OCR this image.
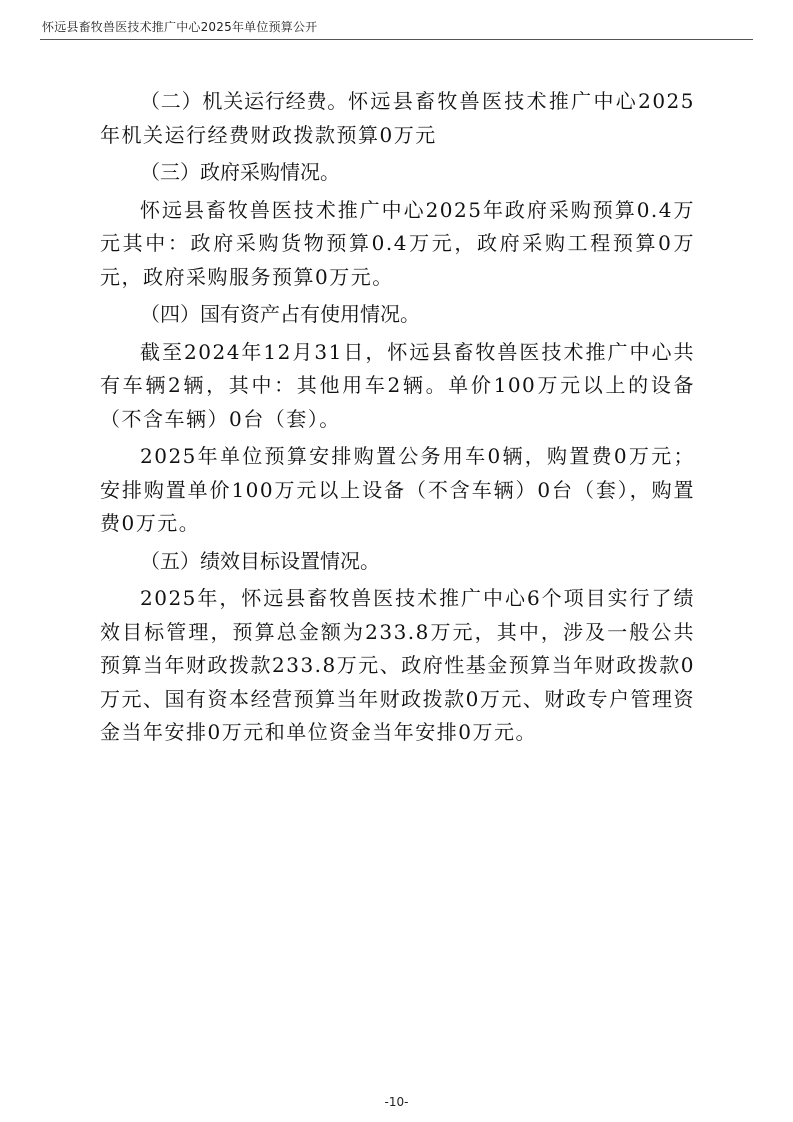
怀远县畜牧兽医技术推广中心2025年单位预算公开

（二）机关运行经费。怀远县畜牧兽医技术推广中心2025年机关运行经费财政拨款预算0万元

（三）政府采购情况。

怀远县畜牧兽医技术推广中心2025年政府采购预算0.4万元其中：政府采购货物预算0.4万元，政府采购工程预算0万元，政府采购服务预算0万元。

（四）国有资产占有使用情况。

截至2024年12月31日，怀远县畜牧兽医技术推广中心共有车辆2辆，其中：其他用车2辆。单价100万元以上的设备（不含车辆）0台（套）。

2025年单位预算安排购置公务用车0辆，购置费0万元；安排购置单价100万元以上设备（不含车辆）0台（套），购置费0万元。

（五）绩效目标设置情况。

2025年，怀远县畜牧兽医技术推广中心6个项目实行了绩效目标管理，预算总金额为233.8万元，其中，涉及一般公共预算当年财政拨款233.8万元、政府性基金预算当年财政拨款0万元、国有资本经营预算当年财政拨款0万元、财政专户管理资金当年安排0万元和单位资金当年安排0万元。

-10-
